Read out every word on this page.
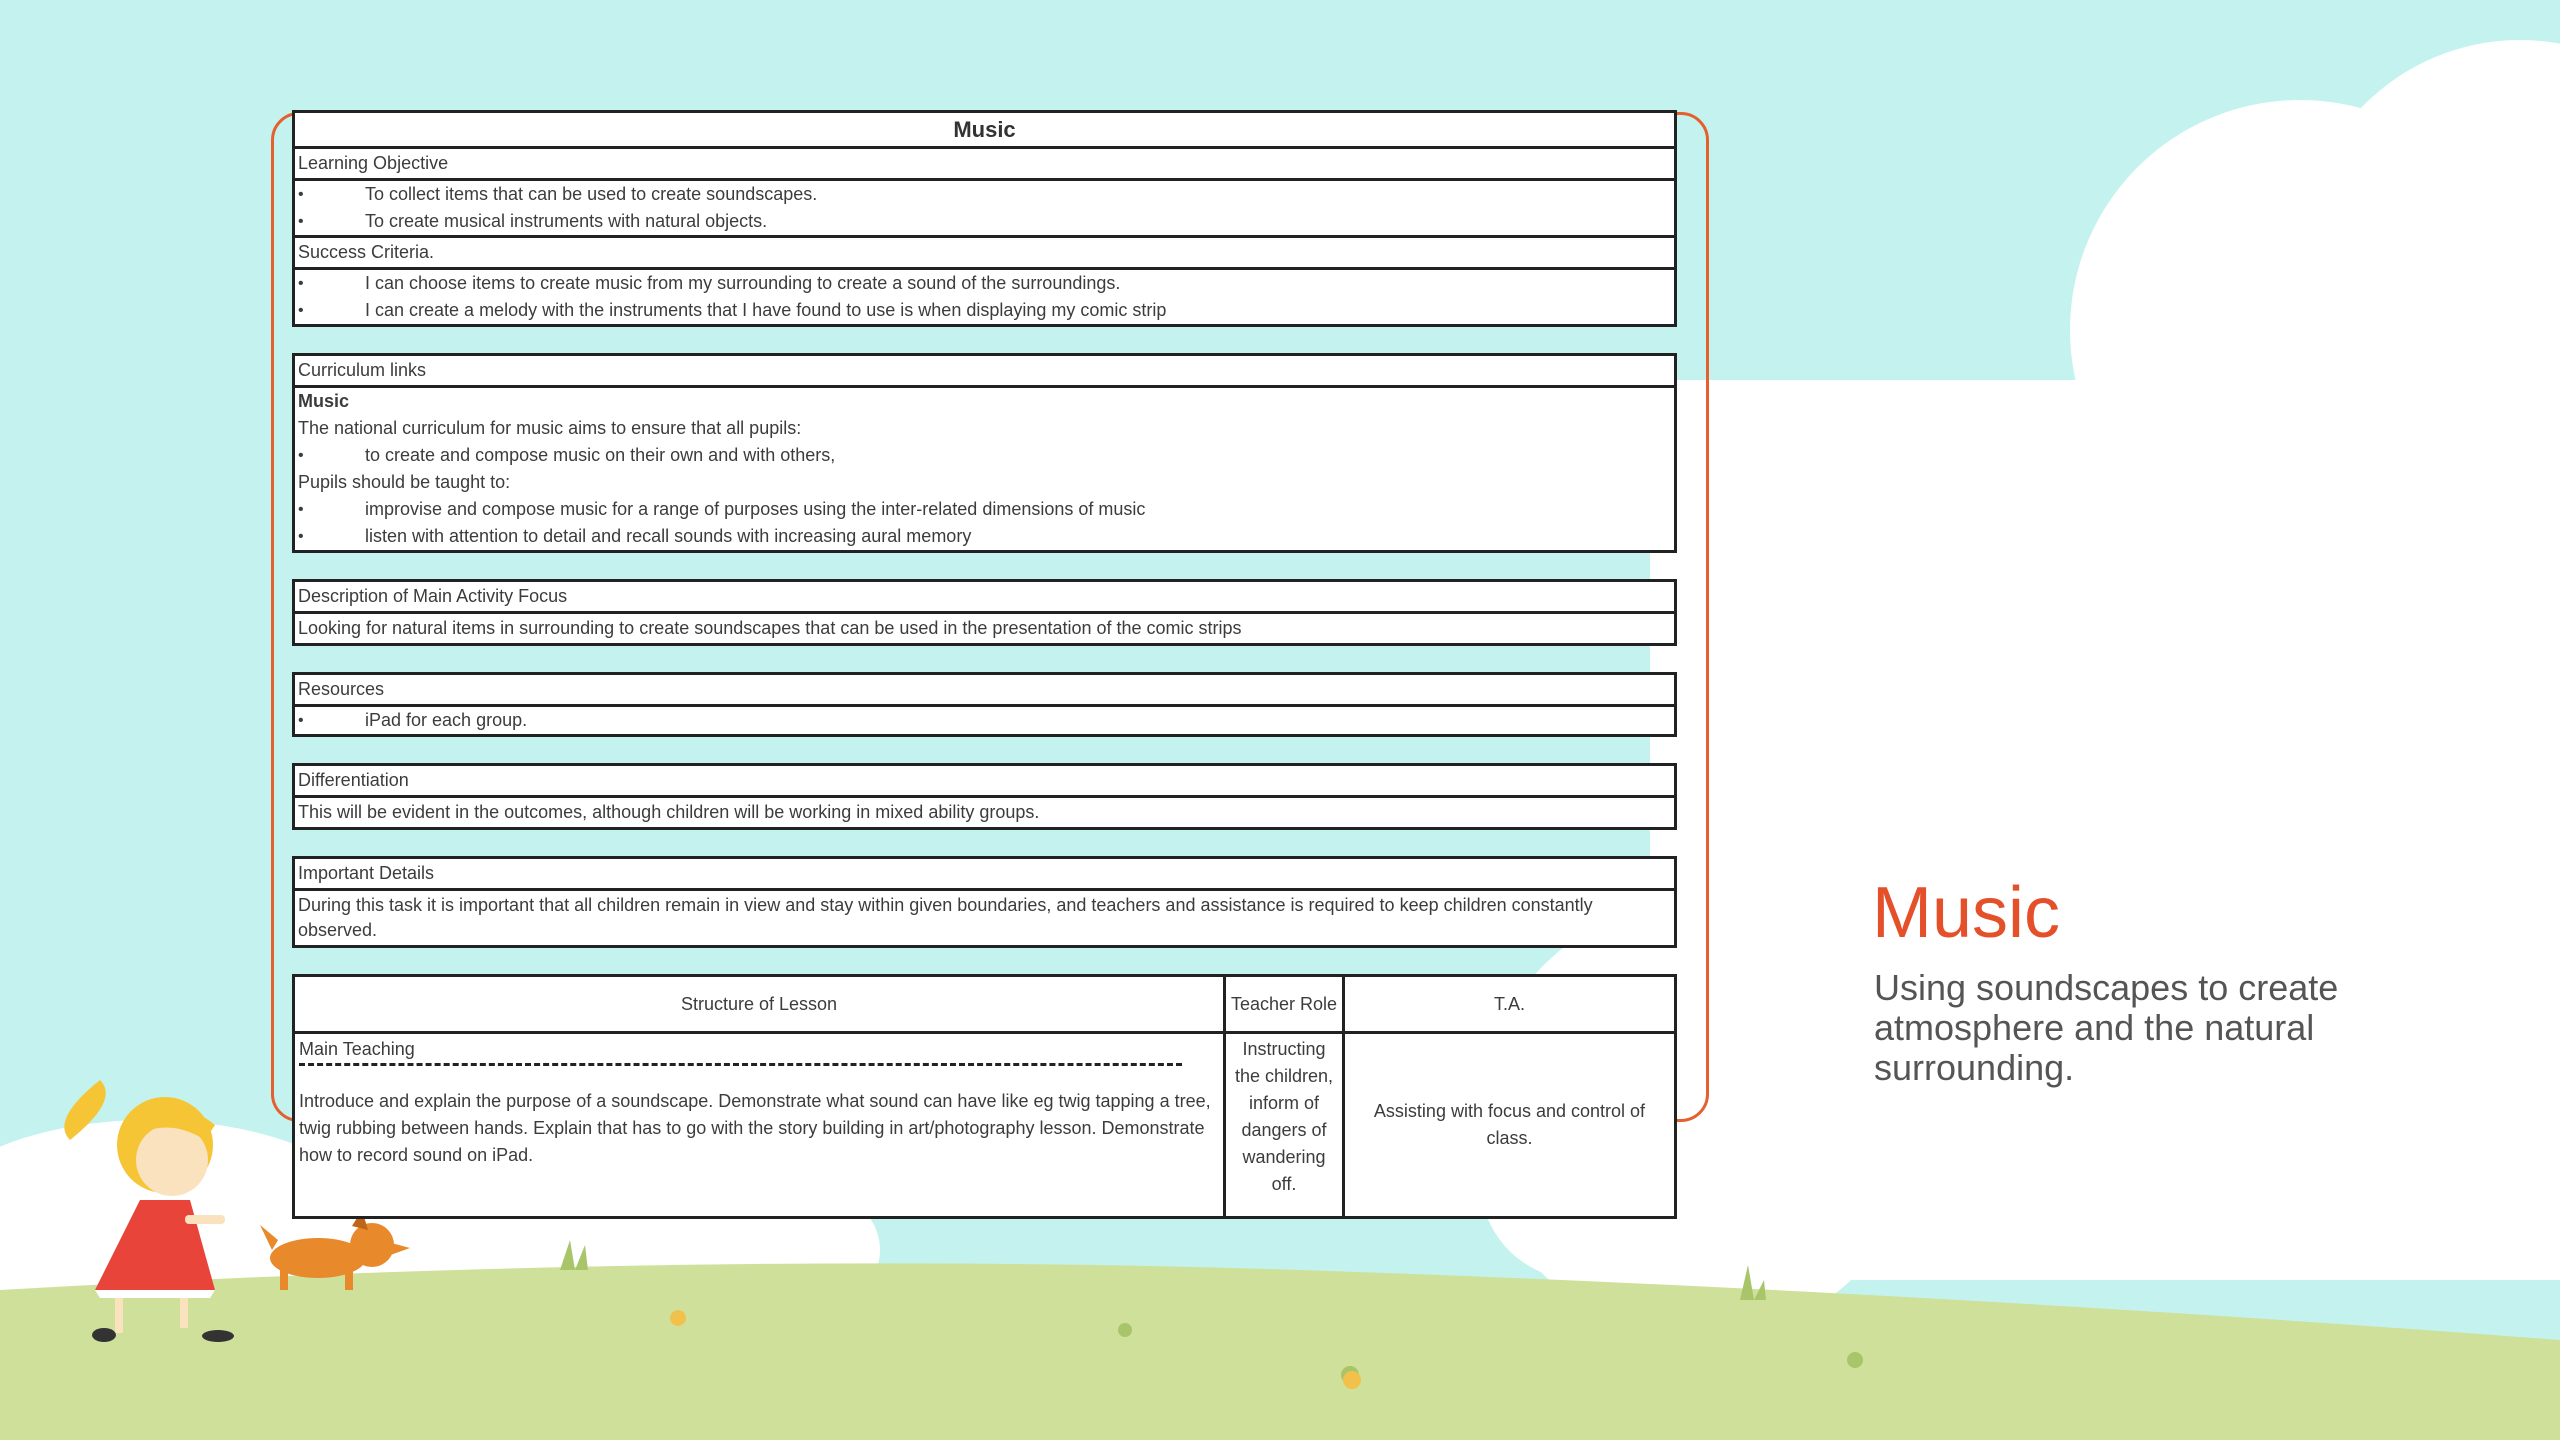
Music
Learning Objective
•	To collect items that can be used to create soundscapes.
•	To create musical instruments with natural objects.
Success Criteria.
•	I can choose items to create music from my surrounding to create a sound of the surroundings.
•	I can create a melody with the instruments that I have found to use is when displaying my comic strip
Curriculum links
Music
The national curriculum for music aims to ensure that all pupils:
•	to create and compose music on their own and with others,
Pupils should be taught to:
•	improvise and compose music for a range of purposes using the inter-related dimensions of music
•	listen with attention to detail and recall sounds with increasing aural memory
Description of Main Activity Focus
Looking for natural items in surrounding to create soundscapes that can be used in the presentation of the comic strips
Resources
•	iPad for each group.
Differentiation
This will be evident in the outcomes, although children will be working in mixed ability groups.
Important Details
During this task it is important that all children remain in view and stay within given boundaries, and teachers and assistance is required to keep children constantly observed.
Structure of Lesson	Teacher Role	T.A.

Main Teaching
Introduce and explain the purpose of a soundscape. Demonstrate what sound can have like eg twig tapping a tree, twig rubbing between hands. Explain that has to go with the story building in art/photography lesson. Demonstrate how to record sound on iPad.	Instructing the children, inform of dangers of wandering off.	Assisting with focus and control of class.
Music
Using soundscapes to create atmosphere and the natural surrounding.
